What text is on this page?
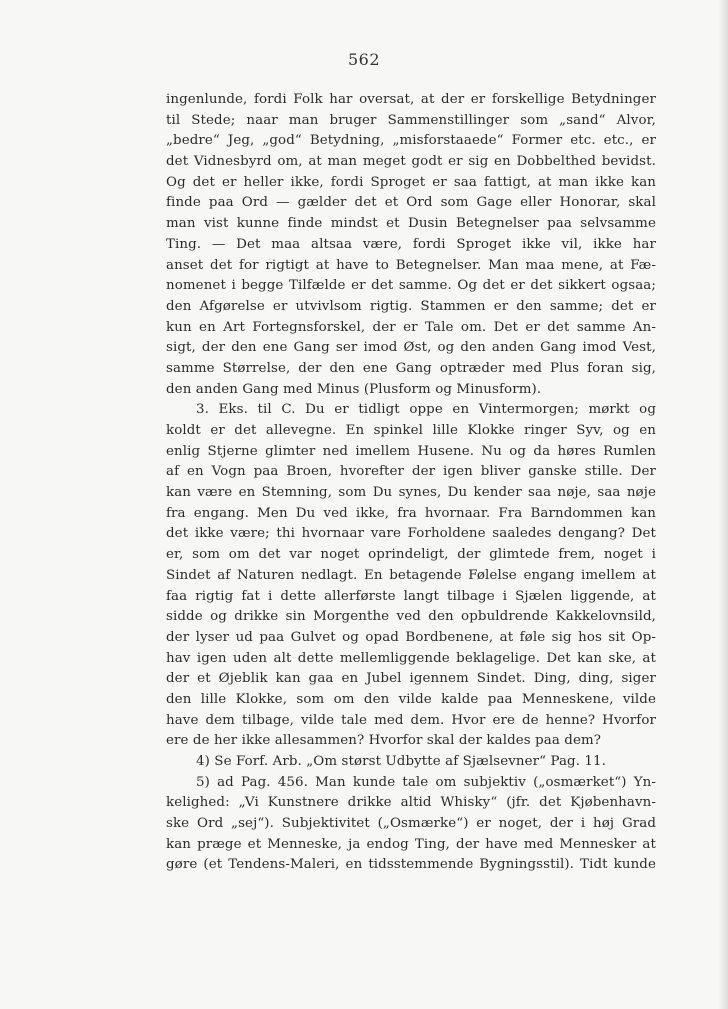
562
ingenlunde, fordi Folk har oversat, at der er forskellige Betydninger
til Stede; naar man bruger Sammenstillinger som „sand“ Alvor,
„bedre“ Jeg, „god“ Betydning, „misforstaaede“ Former etc. etc., er
det Vidnesbyrd om, at man meget godt er sig en Dobbelthed bevidst.
Og det er heller ikke, fordi Sproget er saa fattigt, at man ikke kan
finde paa Ord — gælder det et Ord som Gage eller Honorar, skal
man vist kunne finde mindst et Dusin Betegnelser paa selvsamme
Ting. — Det maa altsaa være, fordi Sproget ikke vil, ikke har
anset det for rigtigt at have to Betegnelser. Man maa mene, at Fæ-
nomenet i begge Tilfælde er det samme. Og det er det sikkert ogsaa;
den Afgørelse er utvivlsom rigtig. Stammen er den samme; det er
kun en Art Fortegnsforskel, der er Tale om. Det er det samme An-
sigt, der den ene Gang ser imod Øst, og den anden Gang imod Vest,
samme Størrelse, der den ene Gang optræder med Plus foran sig,
den anden Gang med Minus (Plusform og Minusform).
3. Eks. til C. Du er tidligt oppe en Vintermorgen; mørkt og
koldt er det allevegne. En spinkel lille Klokke ringer Syv, og en
enlig Stjerne glimter ned imellem Husene. Nu og da høres Rumlen
af en Vogn paa Broen, hvorefter der igen bliver ganske stille. Der
kan være en Stemning, som Du synes, Du kender saa nøje, saa nøje
fra engang. Men Du ved ikke, fra hvornaar. Fra Barndommen kan
det ikke være; thi hvornaar vare Forholdene saaledes dengang? Det
er, som om det var noget oprindeligt, der glimtede frem, noget i
Sindet af Naturen nedlagt. En betagende Følelse engang imellem at
faa rigtig fat i dette allerførste langt tilbage i Sjælen liggende, at
sidde og drikke sin Morgenthe ved den opbuldrende Kakkelovnsild,
der lyser ud paa Gulvet og opad Bordbenene, at føle sig hos sit Op-
hav igen uden alt dette mellemliggende beklagelige. Det kan ske, at
der et Øjeblik kan gaa en Jubel igennem Sindet. Ding, ding, siger
den lille Klokke, som om den vilde kalde paa Menneskene, vilde
have dem tilbage, vilde tale med dem. Hvor ere de henne? Hvorfor
ere de her ikke allesammen? Hvorfor skal der kaldes paa dem?
4) Se Forf. Arb. „Om størst Udbytte af Sjælsevner“ Pag. 11.
5) ad Pag. 456. Man kunde tale om subjektiv („osmærket“) Yn-
kelighed: „Vi Kunstnere drikke altid Whisky“ (jfr. det Kjøbenhavn-
ske Ord „sej“). Subjektivitet („Osmærke“) er noget, der i høj Grad
kan præge et Menneske, ja endog Ting, der have med Mennesker at
gøre (et Tendens-Maleri, en tidsstemmende Bygningsstil). Tidt kunde
